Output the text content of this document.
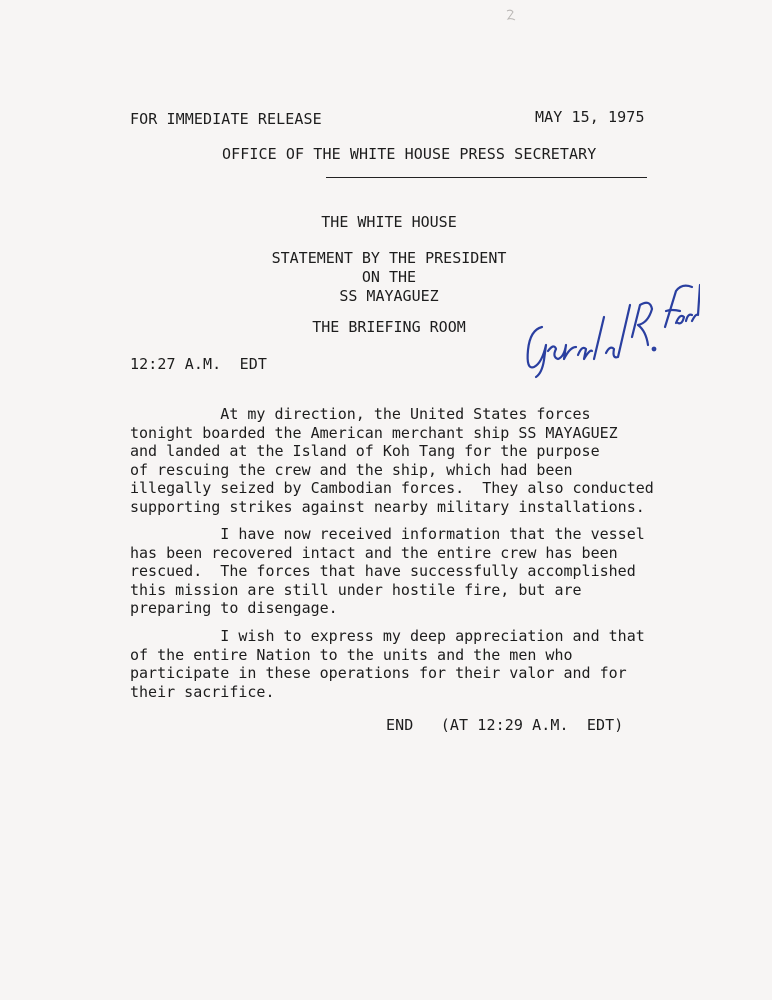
FOR IMMEDIATE RELEASE	MAY 15, 1975
OFFICE OF THE WHITE HOUSE PRESS SECRETARY
THE WHITE HOUSE
STATEMENT BY THE PRESIDENT
ON THE
SS MAYAGUEZ
THE BRIEFING ROOM
12:27 A.M.  EDT
At my direction, the United States forces
tonight boarded the American merchant ship SS MAYAGUEZ
and landed at the Island of Koh Tang for the purpose
of rescuing the crew and the ship, which had been
illegally seized by Cambodian forces.  They also conducted
supporting strikes against nearby military installations.
I have now received information that the vessel
has been recovered intact and the entire crew has been
rescued.  The forces that have successfully accomplished
this mission are still under hostile fire, but are
preparing to disengage.
I wish to express my deep appreciation and that
of the entire Nation to the units and the men who
participate in these operations for their valor and for
their sacrifice.
END   (AT 12:29 A.M.  EDT)
